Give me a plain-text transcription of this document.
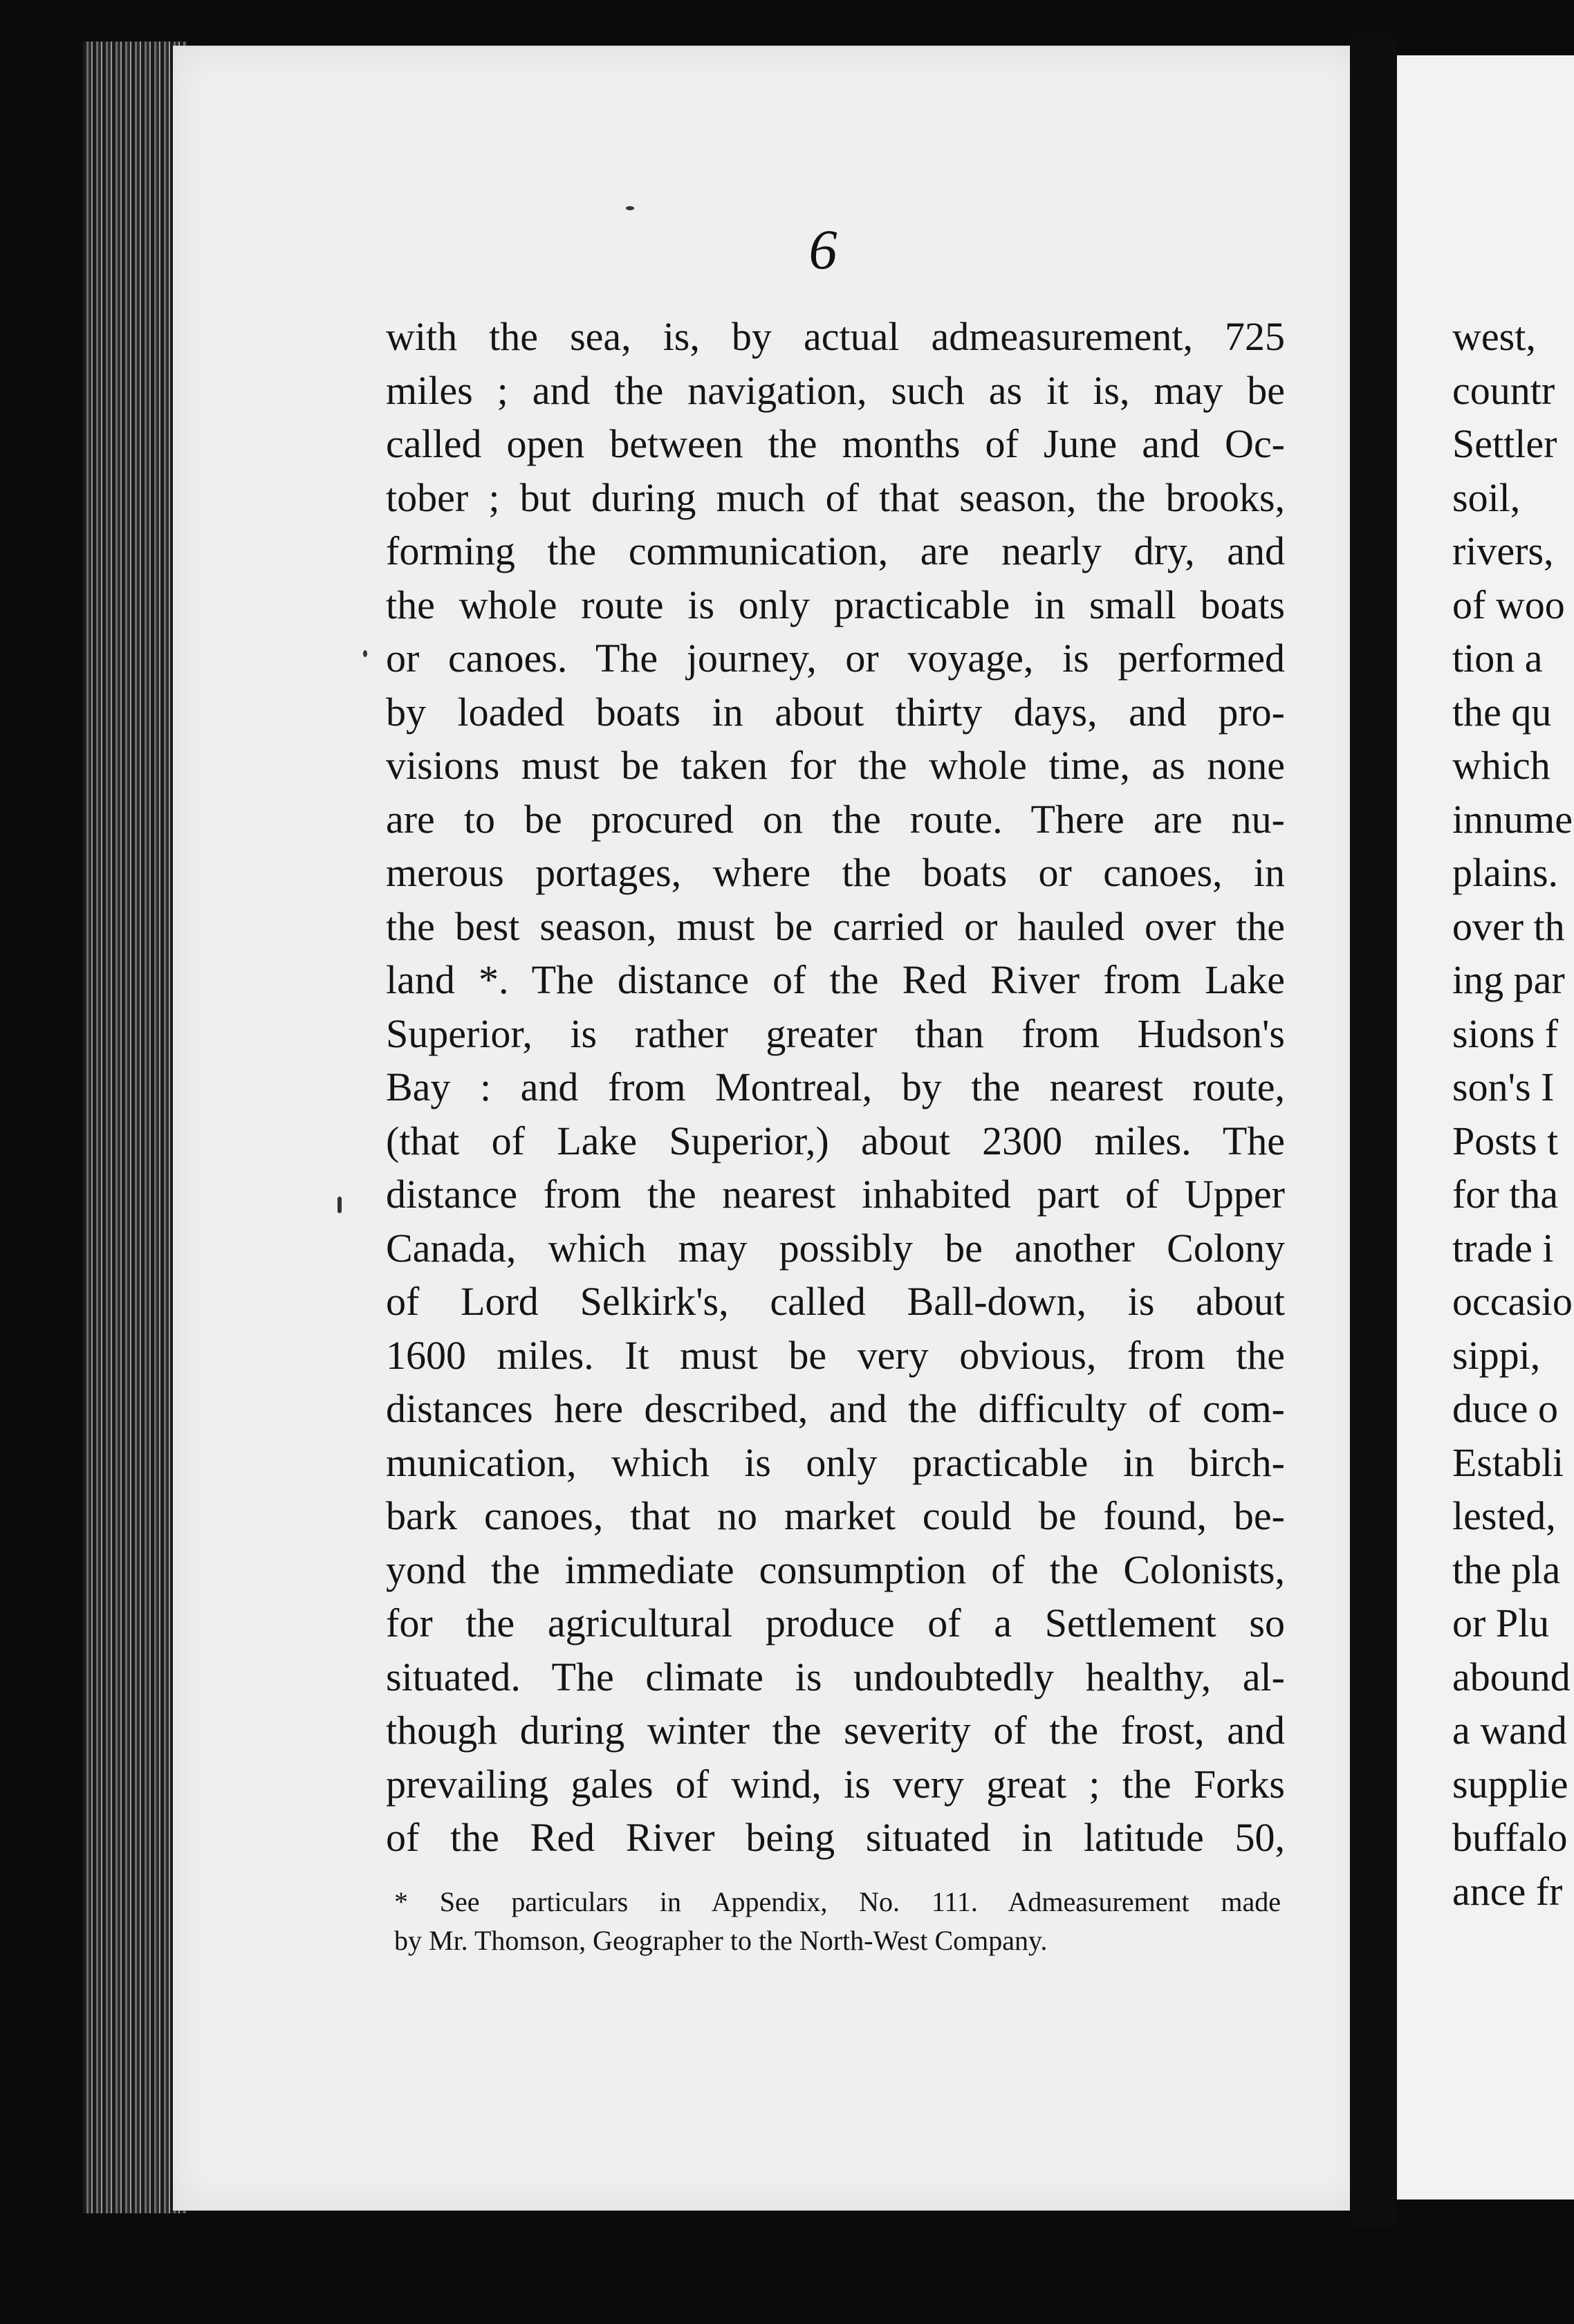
6
with the sea, is, by actual admeasurement, 725
miles ; and the navigation, such as it is, may be
called open between the months of June and Oc-
tober ; but during much of that season, the brooks,
forming the communication, are nearly dry, and
the whole route is only practicable in small boats
or canoes. The journey, or voyage, is performed
by loaded boats in about thirty days, and pro-
visions must be taken for the whole time, as none
are to be procured on the route. There are nu-
merous portages, where the boats or canoes, in
the best season, must be carried or hauled over the
land *. The distance of the Red River from Lake
Superior, is rather greater than from Hudson's
Bay : and from Montreal, by the nearest route,
(that of Lake Superior,) about 2300 miles. The
distance from the nearest inhabited part of Upper
Canada, which may possibly be another Colony
of Lord Selkirk's, called Ball-down, is about
1600 miles. It must be very obvious, from the
distances here described, and the difficulty of com-
munication, which is only practicable in birch-
bark canoes, that no market could be found, be-
yond the immediate consumption of the Colonists,
for the agricultural produce of a Settlement so
situated. The climate is undoubtedly healthy, al-
though during winter the severity of the frost, and
prevailing gales of wind, is very great ; the Forks
of the Red River being situated in latitude 50,
* See particulars in Appendix, No. 111. Admeasurement made
by Mr. Thomson, Geographer to the North-West Company.
west,
countr
Settler
soil,
rivers,
of woo
tion a
the qu
which
innume
plains.
over th
ing par
sions f
son's I
Posts t
for tha
trade i
occasio
sippi,
duce o
Establi
lested,
the pla
or Plu
abound
a wand
supplie
buffalo
ance fr
